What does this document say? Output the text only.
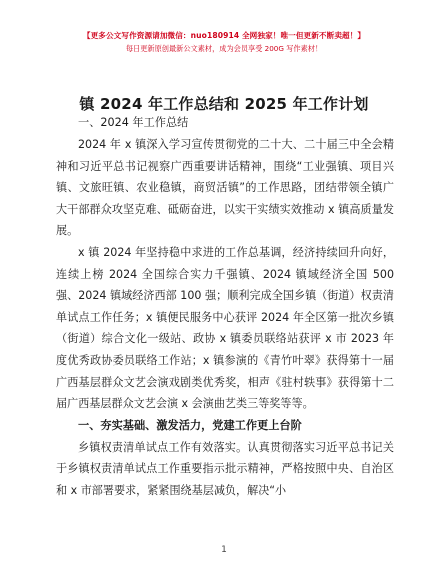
【更多公文写作资源请加微信：nuo180914 全网独家！唯一但更新不断卖超！】
每日更新原创最新公文素材，成为会员享受 200G 写作素材！
镇 2024 年工作总结和 2025 年工作计划
一、2024 年工作总结
2024 年 x 镇深入学习宣传贯彻党的二十大、二十届三中全会精神和习近平总书记视察广西重要讲话精神，围绕“工业强镇、项目兴镇、文旅旺镇、农业稳镇，商贸活镇”的工作思路，团结带领全镇广大干部群众攻坚克难、砥砺奋进，以实干实绩实效推动 x 镇高质量发展。
x 镇 2024 年坚持稳中求进的工作总基调，经济持续回升向好，连续上榜 2024 全国综合实力千强镇、2024 镇域经济全国 500 强、2024 镇域经济西部 100 强；顺利完成全国乡镇（街道）权责清单试点工作任务；x 镇便民服务中心获评 2024 年全区第一批次乡镇（街道）综合文化一级站、政协 x 镇委员联络站获评 x 市 2023 年度优秀政协委员联络工作站；x 镇参演的《青竹叶翠》获得第十一届广西基层群众文艺会演戏剧类优秀奖，相声《驻村轶事》获得第十二届广西基层群众文艺会演 x 会演曲艺类三等奖等等。
一、夯实基础、激发活力，党建工作更上台阶
乡镇权责清单试点工作有效落实。认真贯彻落实习近平总书记关于乡镇权责清单试点工作重要指示批示精神，严格按照中央、自治区和 x 市部署要求，紧紧围绕基层减负，解决“小
1
